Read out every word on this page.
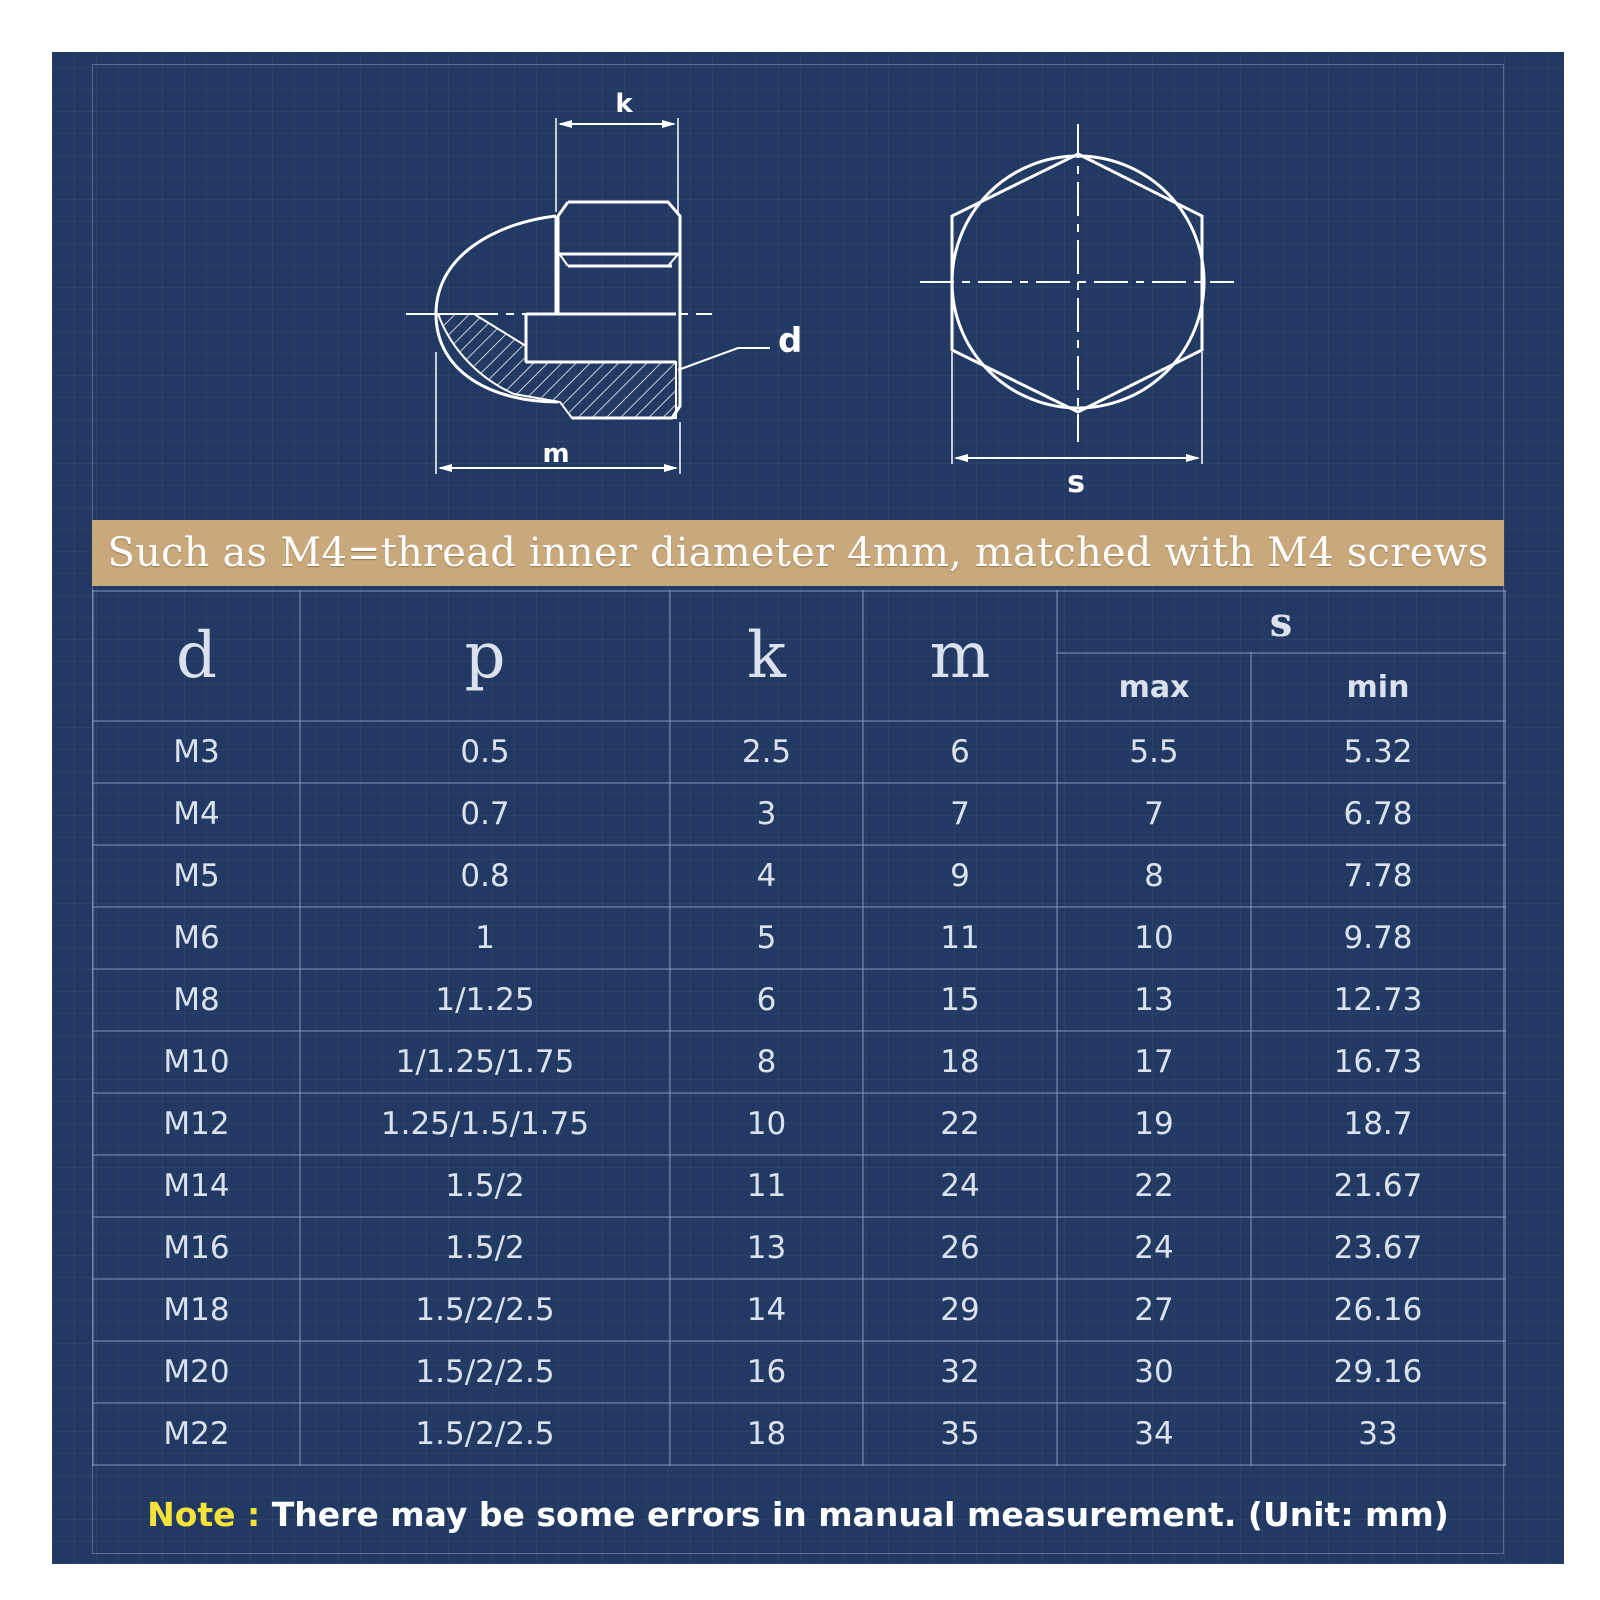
k
d
m
s
Such as M4=thread inner diameter 4mm, matched with M4 screws
d	p	k	m	s	
				max	min
M3	0.5	2.5	6	5.5	5.32
M4	0.7	3	7	7	6.78
M5	0.8	4	9	8	7.78
M6	1	5	11	10	9.78
M8	1/1.25	6	15	13	12.73
M10	1/1.25/1.75	8	18	17	16.73
M12	1.25/1.5/1.75	10	22	19	18.7
M14	1.5/2	11	24	22	21.67
M16	1.5/2	13	26	24	23.67
M18	1.5/2/2.5	14	29	27	26.16
M20	1.5/2/2.5	16	32	30	29.16
M22	1.5/2/2.5	18	35	34	33
Note : There may be some errors in manual measurement. (Unit: mm)
